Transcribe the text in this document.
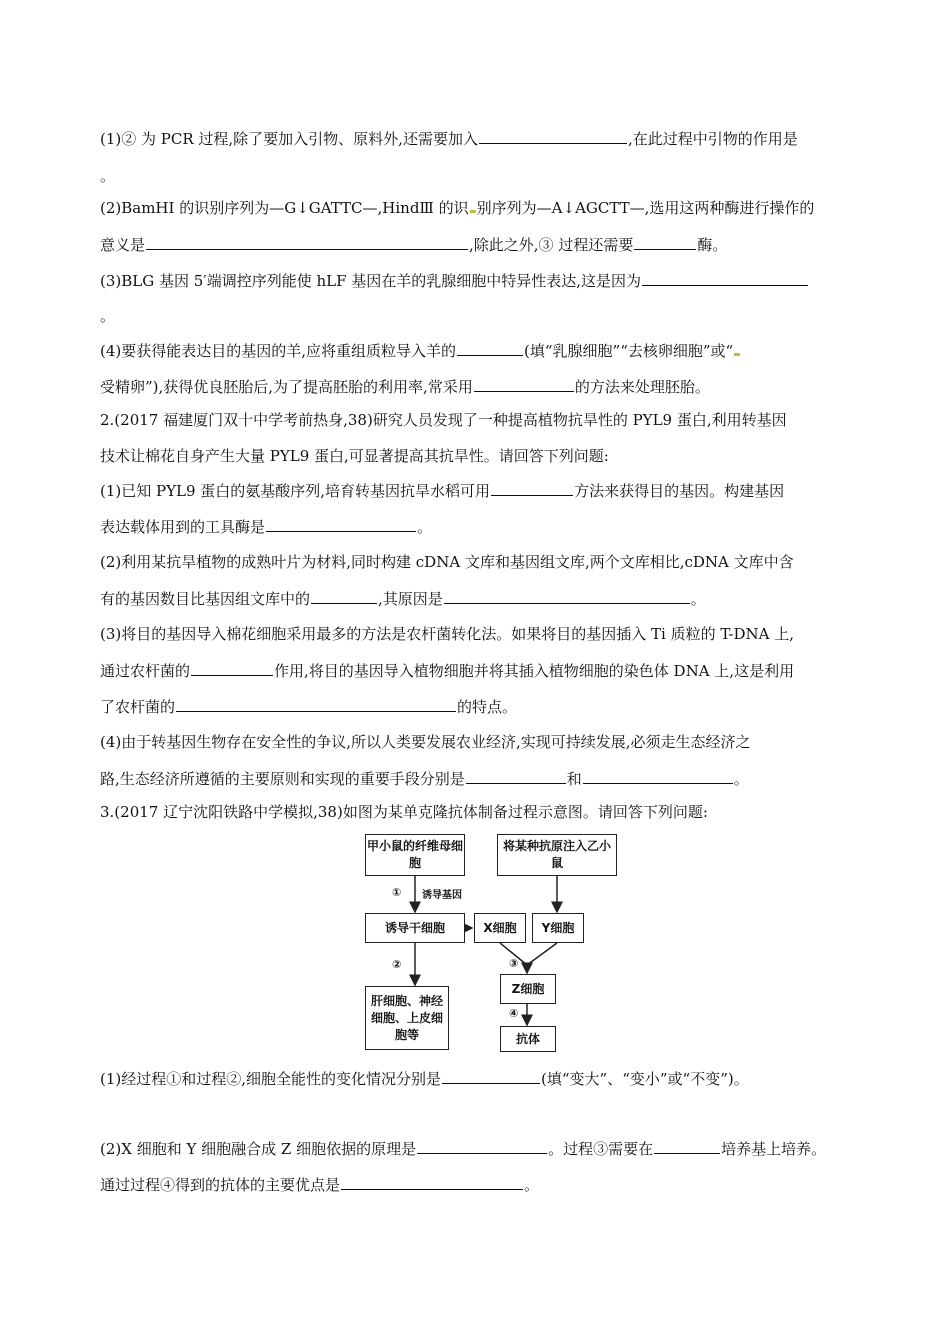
(1)② 为 PCR 过程,除了要加入引物、原料外,还需要加入	,在此过程中引物的作用是
。
(2)BamHⅠ 的识别序列为—G↓GATTC—,HindⅢ 的识 别序列为—A↓AGCTT—,选用这两种酶进行操作的
意义是	,除此之外,③ 过程还需要	酶。
(3)BLG 基因 5′端调控序列能使 hLF 基因在羊的乳腺细胞中特异性表达,这是因为
。
(4)要获得能表达目的基因的羊,应将重组质粒导入羊的	(填“乳腺细胞”“去核卵细胞”或“
受精卵”),获得优良胚胎后,为了提高胚胎的利用率,常采用	的方法来处理胚胎。
2.(2017 福建厦门双十中学考前热身,38)研究人员发现了一种提高植物抗旱性的 PYL9 蛋白,利用转基因
技术让棉花自身产生大量 PYL9 蛋白,可显著提高其抗旱性。请回答下列问题:
(1)已知 PYL9 蛋白的氨基酸序列,培育转基因抗旱水稻可用	方法来获得目的基因。构建基因
表达载体用到的工具酶是	。
(2)利用某抗旱植物的成熟叶片为材料,同时构建 cDNA 文库和基因组文库,两个文库相比,cDNA 文库中含
有的基因数目比基因组文库中的	,其原因是	。
(3)将目的基因导入棉花细胞采用最多的方法是农杆菌转化法。如果将目的基因插入 Ti 质粒的 T-DNA 上,
通过农杆菌的	作用,将目的基因导入植物细胞并将其插入植物细胞的染色体 DNA 上,这是利用
了农杆菌的	的特点。
(4)由于转基因生物存在安全性的争议,所以人类要发展农业经济,实现可持续发展,必须走生态经济之
路,生态经济所遵循的主要原则和实现的重要手段分别是	和	。
3.(2017 辽宁沈阳铁路中学模拟,38)如图为某单克隆抗体制备过程示意图。请回答下列问题:
甲小鼠的纤维母细胞
将某种抗原注入乙小鼠
① 诱导基因
诱导干细胞	X细胞	Y细胞
②	③
Z细胞
④
肝细胞、神经细胞、上皮细胞等	抗体
(1)经过程①和过程②,细胞全能性的变化情况分别是	(填“变大”、“变小”或“不变”)。
(2)X 细胞和 Y 细胞融合成 Z 细胞依据的原理是	。过程③需要在	培养基上培养。
通过过程④得到的抗体的主要优点是	。
